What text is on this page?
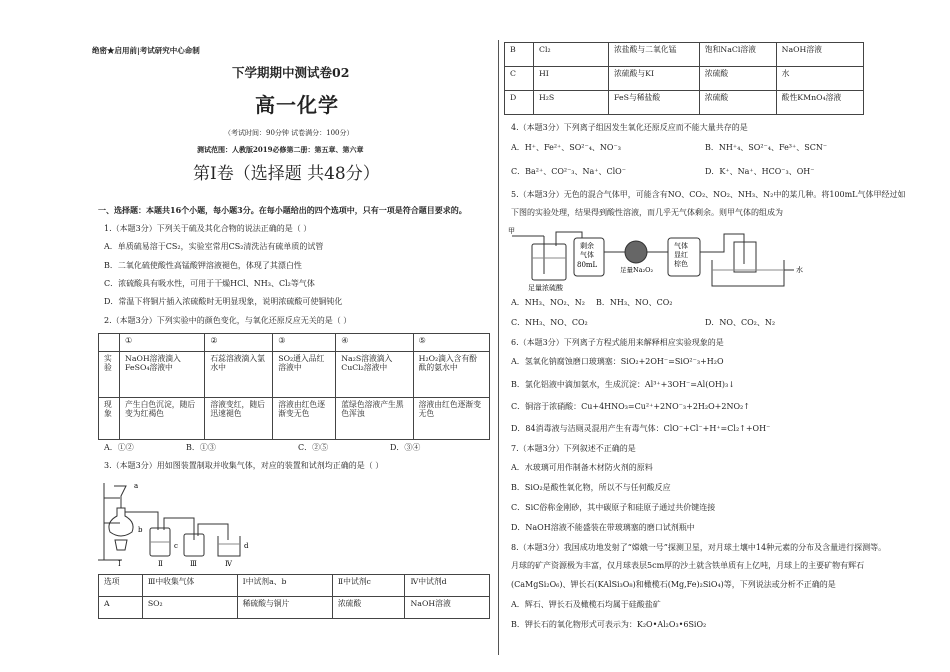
绝密★启用前|考试研究中心命制
下学期期中测试卷02
高一化学
（考试时间：90分钟 试卷满分：100分）
测试范围：人教版2019必修第二册：第五章、第六章
第Ⅰ卷（选择题 共48分）
一、选择题：本题共16个小题，每小题3分。在每小题给出的四个选项中，只有一项是符合题目要求的。
1.（本题3分）下列关于硫及其化合物的说法正确的是（ ）
A．单质硫易溶于CS₂，实验室常用CS₂清洗沾有硫单质的试管
B．二氧化硫使酸性高锰酸钾溶液褪色，体现了其漂白性
C．浓硫酸具有吸水性，可用于干燥HCl、NH₃、Cl₂等气体
D．常温下将铜片插入浓硫酸时无明显现象，说明浓硫酸可使铜钝化
2.（本题3分）下列实验中的颜色变化，与氧化还原反应无关的是（ ）
	①	②	③	④	⑤
实验	NaOH溶液滴入FeSO₄溶液中	石蕊溶液滴入氯水中	SO₂通入品红溶液中	Na₂S溶液滴入CuCl₂溶液中	H₂O₂滴入含有酚酞的氨水中
现象	产生白色沉淀，随后变为红褐色	溶液变红，随后迅速褪色	溶液由红色逐渐变无色	蓝绿色溶液产生黑色浑浊	溶液由红色逐渐变无色
A．①②	B．①③	C．②⑤	D．③④
3.（本题3分）用如图装置制取并收集气体，对应的装置和试剂均正确的是（ ）
b
a
c	d
Ⅰ	Ⅱ	Ⅲ	Ⅳ
选项	Ⅲ中收集气体	Ⅰ中试剂a、b	Ⅱ中试剂c	Ⅳ中试剂d
A	SO₂	稀硫酸与铜片	浓硫酸	NaOH溶液
B	Cl₂	浓盐酸与二氧化锰	饱和NaCl溶液	NaOH溶液
C	HI	浓硫酸与KI	浓硫酸	水
D	H₂S	FeS与稀盐酸	浓硫酸	酸性KMnO₄溶液
4.（本题3分）下列离子组因发生氧化还原反应而不能大量共存的是
A．H⁺、Fe²⁺、SO²⁻₄、NO⁻₃	B．NH⁺₄、SO²⁻₄、Fe³⁺、SCN⁻
C．Ba²⁺、CO²⁻₃、Na⁺、ClO⁻	D．K⁺、Na⁺、HCO⁻₃、OH⁻
5.（本题3分）无色的混合气体甲，可能含有NO、CO₂、NO₂、NH₃、N₂中的某几种。将100mL气体甲经过如
下图的实验处理，结果得到酸性溶液，而几乎无气体剩余。则甲气体的组成为
甲
剩余
气体
80mL
足量Na₂O₂
气体
显红
棕色
足量浓硫酸
水
A．NH₃、NO₂、N₂ B．NH₃、NO、CO₂
C．NH₃、NO、CO₂	D．NO、CO₂、N₂
6.（本题3分）下列离子方程式能用来解释相应实验现象的是
A．氢氧化钠腐蚀磨口玻璃塞：SiO₂+2OH⁻=SiO²⁻₃+H₂O
B．氯化铝液中滴加氨水，生成沉淀：Al³⁺+3OH⁻=Al(OH)₃↓
C．铜溶于浓硝酸：Cu+4HNO₃=Cu²⁺+2NO⁻₃+2H₂O+2NO₂↑
D．84消毒液与洁厕灵混用产生有毒气体：ClO⁻+Cl⁻+H⁺=Cl₂↑+OH⁻
7.（本题3分）下列叙述不正确的是
A．水玻璃可用作制备木材防火剂的原料
B．SiO₂是酸性氧化物，所以不与任何酸反应
C．SiC俗称金刚砂，其中碳原子和硅原子通过共价键连接
D．NaOH溶液不能盛装在带玻璃塞的磨口试剂瓶中
8.（本题3分）我国成功地发射了“嫦娥一号”探测卫星，对月球土壤中14种元素的分布及含量进行探测等。
月球的矿产资源极为丰富，仅月球表层5cm厚的沙土就含铁单质有上亿吨，月球上的主要矿物有辉石
(CaMgSi₂O₆)、钾长石(KAlSi₃O₈)和橄榄石(Mg,Fe)₂SiO₄)等，下列说法或分析不正确的是
A．辉石、钾长石及橄榄石均属于硅酸盐矿
B．钾长石的氧化物形式可表示为：K₂O•Al₂O₃•6SiO₂
